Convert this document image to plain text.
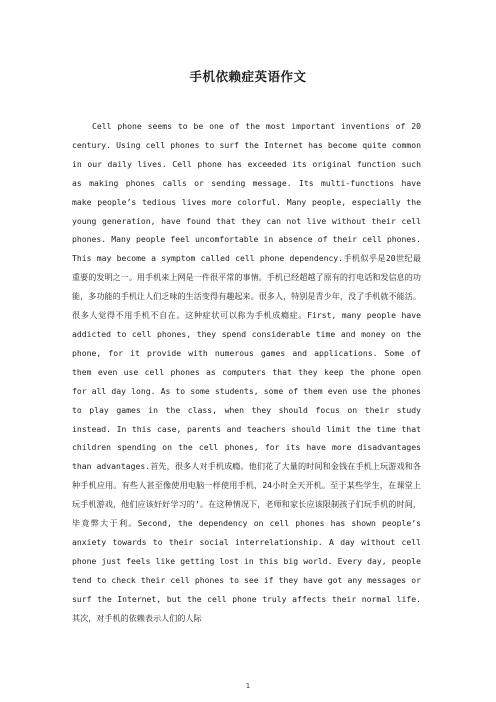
手机依赖症英语作文

Cell phone seems to be one of the most important inventions of 20 century. Using cell phones to surf the Internet has become quite common in our daily lives. Cell phone has exceeded its original function such as making phones calls or sending message. Its multi-functions have make people’s tedious lives more colorful. Many people, especially the young generation, have found that they can not live without their cell phones. Many people feel uncomfortable in absence of their cell phones. This may become a symptom called cell phone dependency.手机似乎是20世纪最重要的发明之一。用手机来上网是一件很平常的事情。手机已经超越了原有的打电话和发信息的功能，多功能的手机让人们乏味的生活变得有趣起来。很多人，特别是青少年，没了手机就不能活。很多人觉得不用手机不自在。这种症状可以称为手机成瘾症。First, many people have addicted to cell phones, they spend considerable time and money on the phone, for it provide with numerous games and applications. Some of them even use cell phones as computers that they keep the phone open for all day long. As to some students, some of them even use the phones to play games in the class, when they should focus on their study instead. In this case, parents and teachers should limit the time that children spending on the cell phones, for its have more disadvantages than advantages.首先，很多人对手机成瘾。他们花了大量的时间和金钱在手机上玩游戏和各种手机应用。有些人甚至像使用电脑一样使用手机，24小时全天开机。至于某些学生，在课堂上玩手机游戏，他们应该好好学习的’。在这种情况下，老师和家长应该限制孩子们玩手机的时间，毕竟弊大于利。Second, the dependency on cell phones has shown people’s anxiety towards to their social interrelationship. A day without cell phone just feels like getting lost in this big world. Every day, people tend to check their cell phones to see if they have got any messages or surf the Internet, but the cell phone truly affects their normal life.其次，对手机的依赖表示人们的人际

1
